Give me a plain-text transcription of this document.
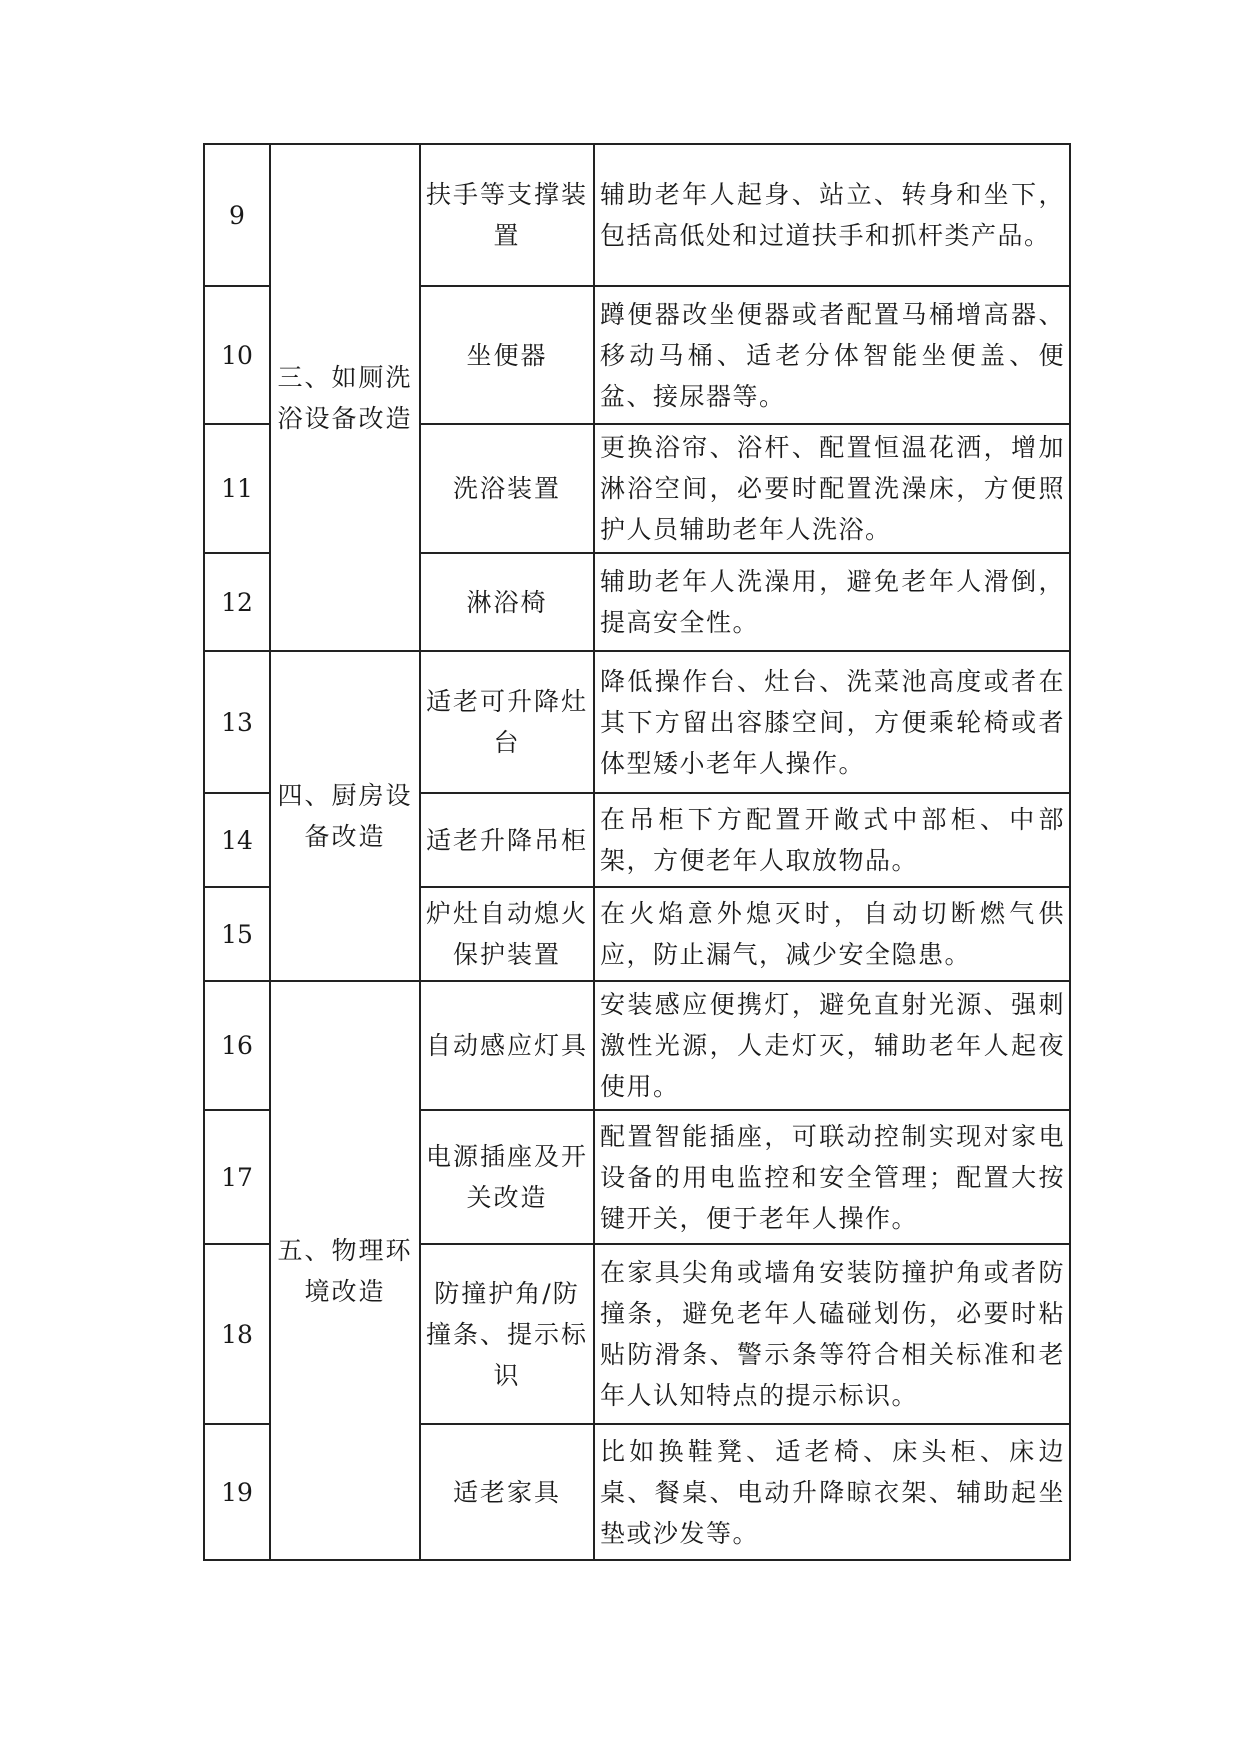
9	三、如厕洗浴设备改造	扶手等支撑装置	辅助老年人起身、站立、转身和坐下，包括高低处和过道扶手和抓杆类产品。
10		坐便器	蹲便器改坐便器或者配置马桶增高器、移动马桶、适老分体智能坐便盖、便盆、接尿器等。
11		洗浴装置	更换浴帘、浴杆、配置恒温花洒，增加淋浴空间，必要时配置洗澡床，方便照护人员辅助老年人洗浴。
12		淋浴椅	辅助老年人洗澡用，避免老年人滑倒，提高安全性。
13	四、厨房设备改造	适老可升降灶台	降低操作台、灶台、洗菜池高度或者在其下方留出容膝空间，方便乘轮椅或者体型矮小老年人操作。
14		适老升降吊柜	在吊柜下方配置开敞式中部柜、中部架，方便老年人取放物品。
15		炉灶自动熄火保护装置	在火焰意外熄灭时，自动切断燃气供应，防止漏气，减少安全隐患。
16	五、物理环境改造	自动感应灯具	安装感应便携灯，避免直射光源、强刺激性光源，人走灯灭，辅助老年人起夜使用。
17		电源插座及开关改造	配置智能插座，可联动控制实现对家电设备的用电监控和安全管理；配置大按键开关，便于老年人操作。
18		防撞护角/防撞条、提示标识	在家具尖角或墙角安装防撞护角或者防撞条，避免老年人磕碰划伤，必要时粘贴防滑条、警示条等符合相关标准和老年人认知特点的提示标识。
19		适老家具	比如换鞋凳、适老椅、床头柜、床边桌、餐桌、电动升降晾衣架、辅助起坐垫或沙发等。
